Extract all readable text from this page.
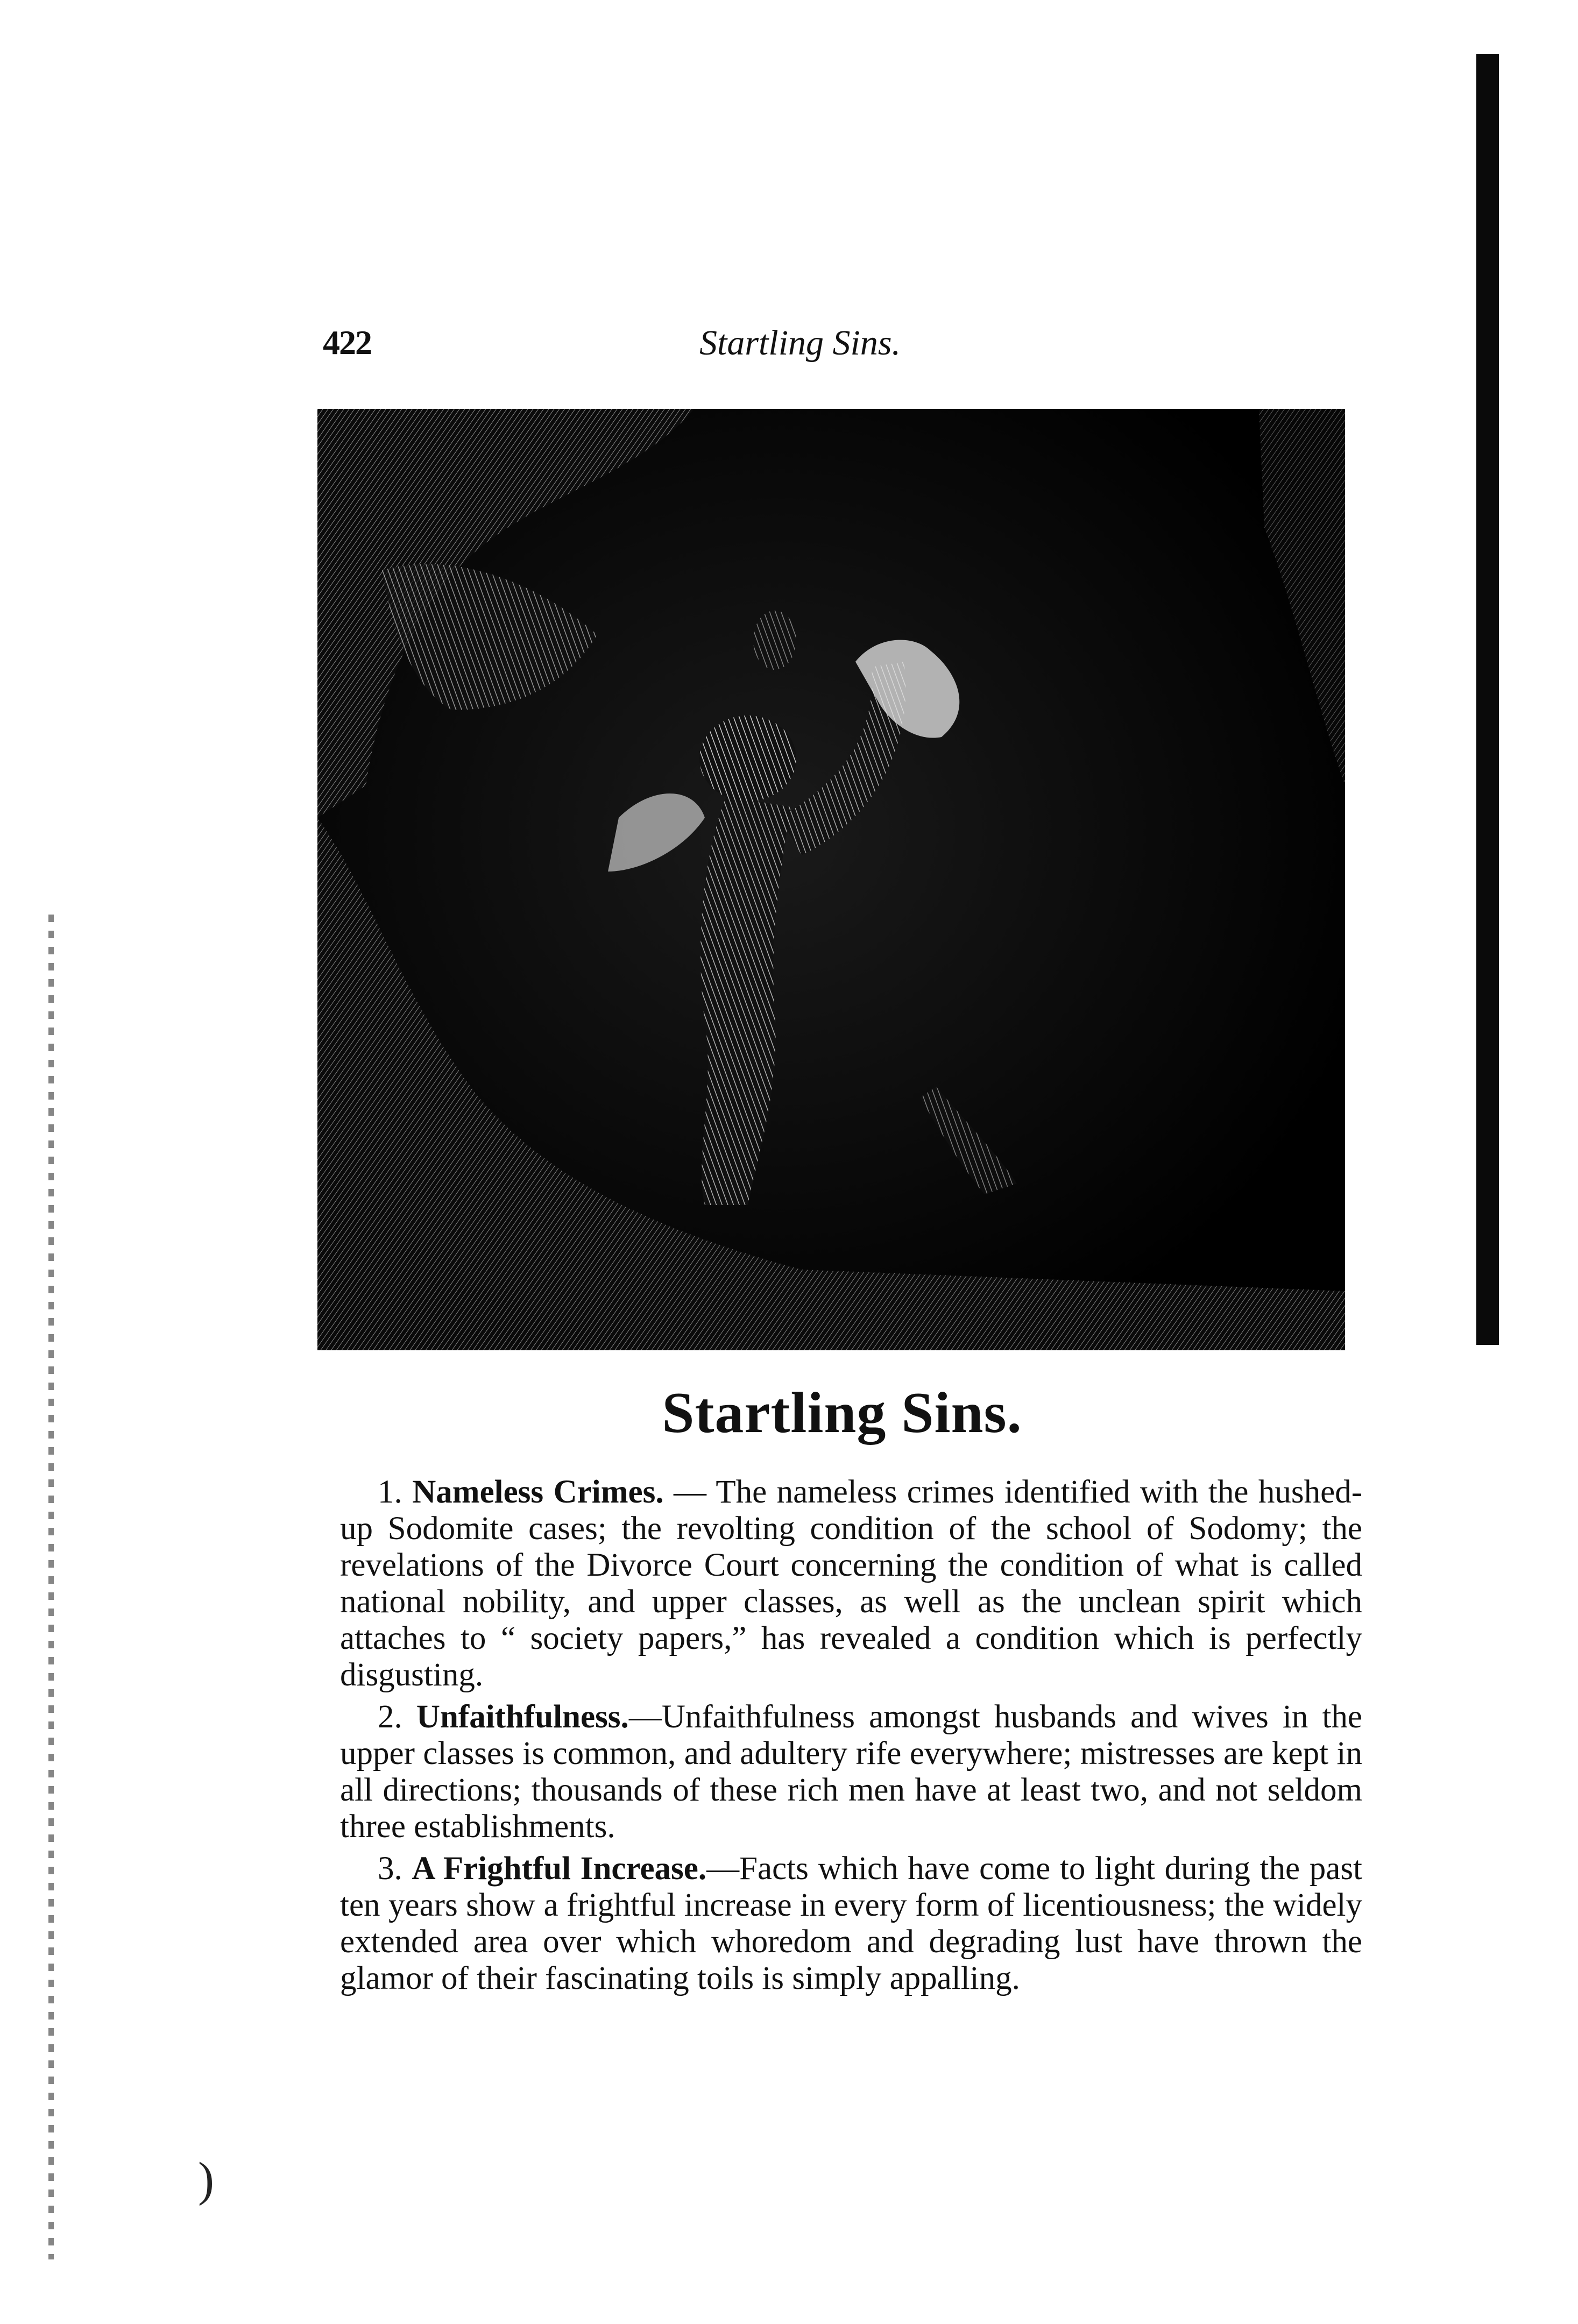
422	Startling Sins.
Startling Sins.

1. Nameless Crimes. — The nameless crimes identified with the hushed-up Sodomite cases; the revolting condition of the school of Sodomy; the revelations of the Divorce Court concerning the condition of what is called national nobility, and upper classes, as well as the unclean spirit which attaches to “ society papers,” has revealed a condition which is perfectly disgusting.

2. Unfaithfulness.—Unfaithfulness amongst husbands and wives in the upper classes is common, and adultery rife everywhere; mistresses are kept in all directions; thousands of these rich men have at least two, and not seldom three establishments.

3. A Frightful Increase.—Facts which have come to light during the past ten years show a frightful increase in every form of licentiousness; the widely extended area over which whoredom and degrading lust have thrown the glamor of their fascinating toils is simply appalling.

)
